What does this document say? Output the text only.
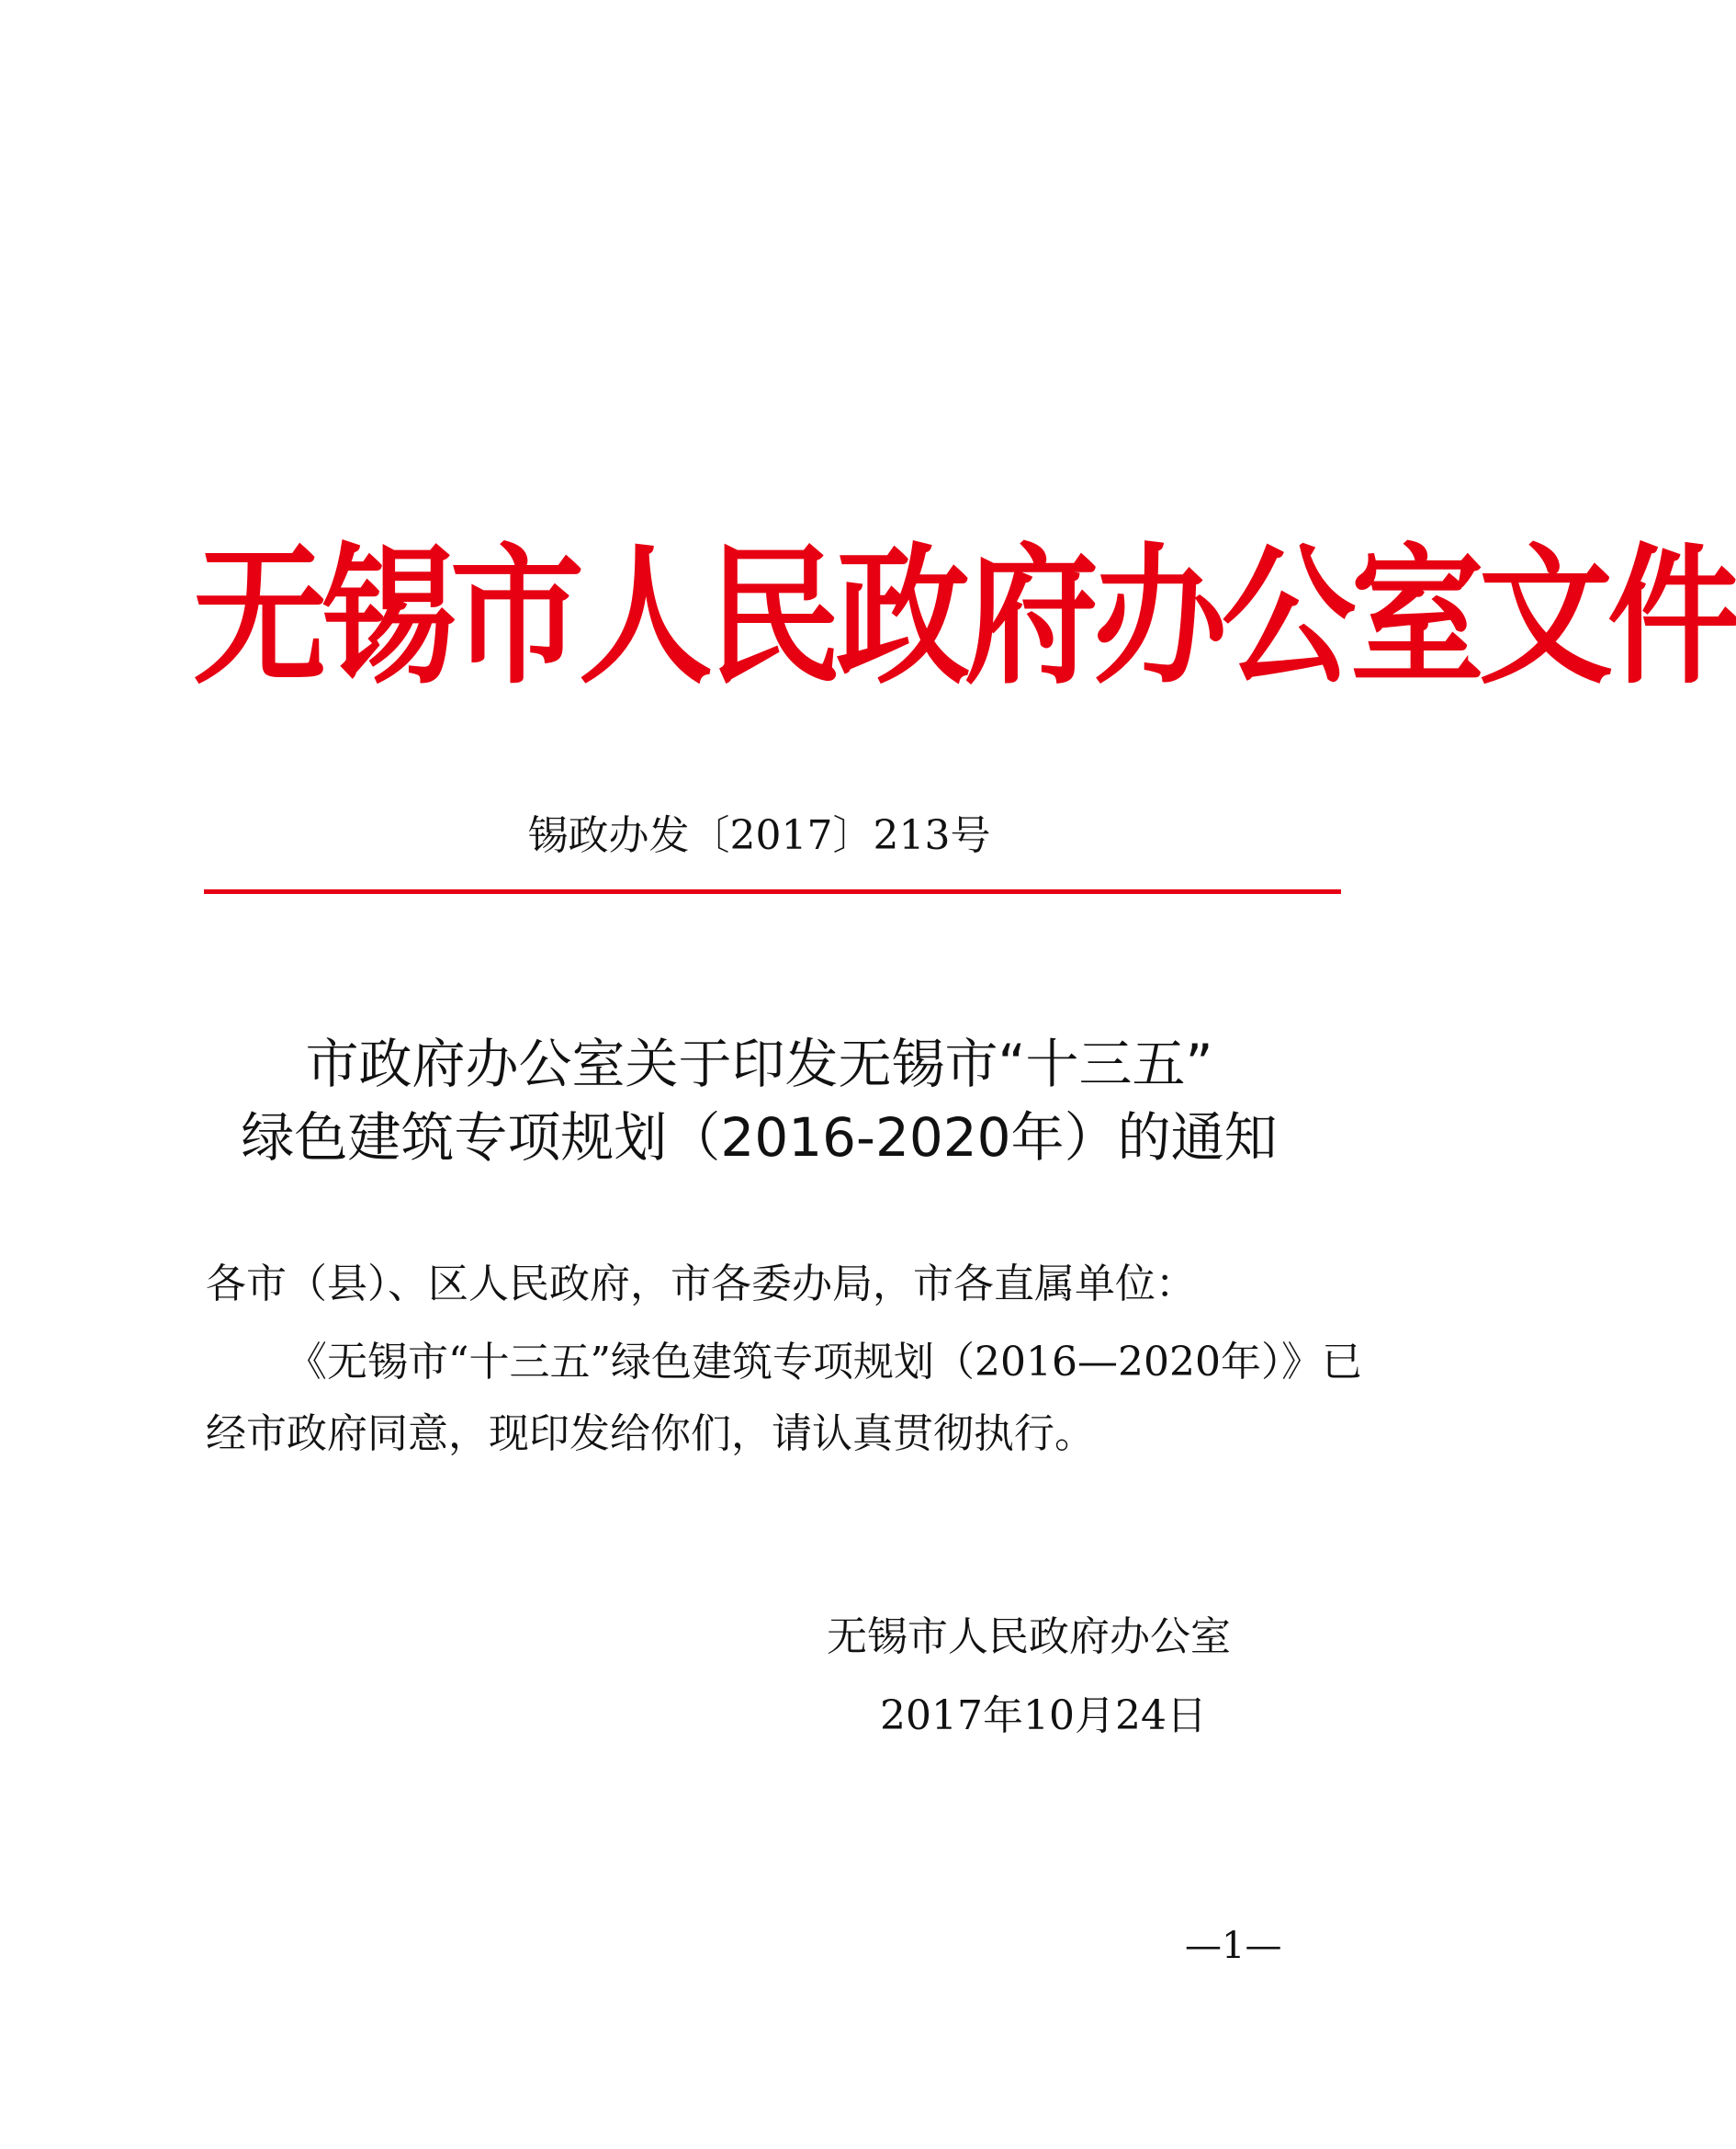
无锡市人民政府办公室文件
锡政办发〔2017〕213号
市政府办公室关于印发无锡市“十三五”
绿色建筑专项规划（2016-2020年）的通知
各市（县）、区人民政府，市各委办局，市各直属单位：
《无锡市“十三五”绿色建筑专项规划（2016—2020年）》已
经市政府同意，现印发给你们，请认真贯彻执行。
无锡市人民政府办公室
2017年10月24日
—1—
